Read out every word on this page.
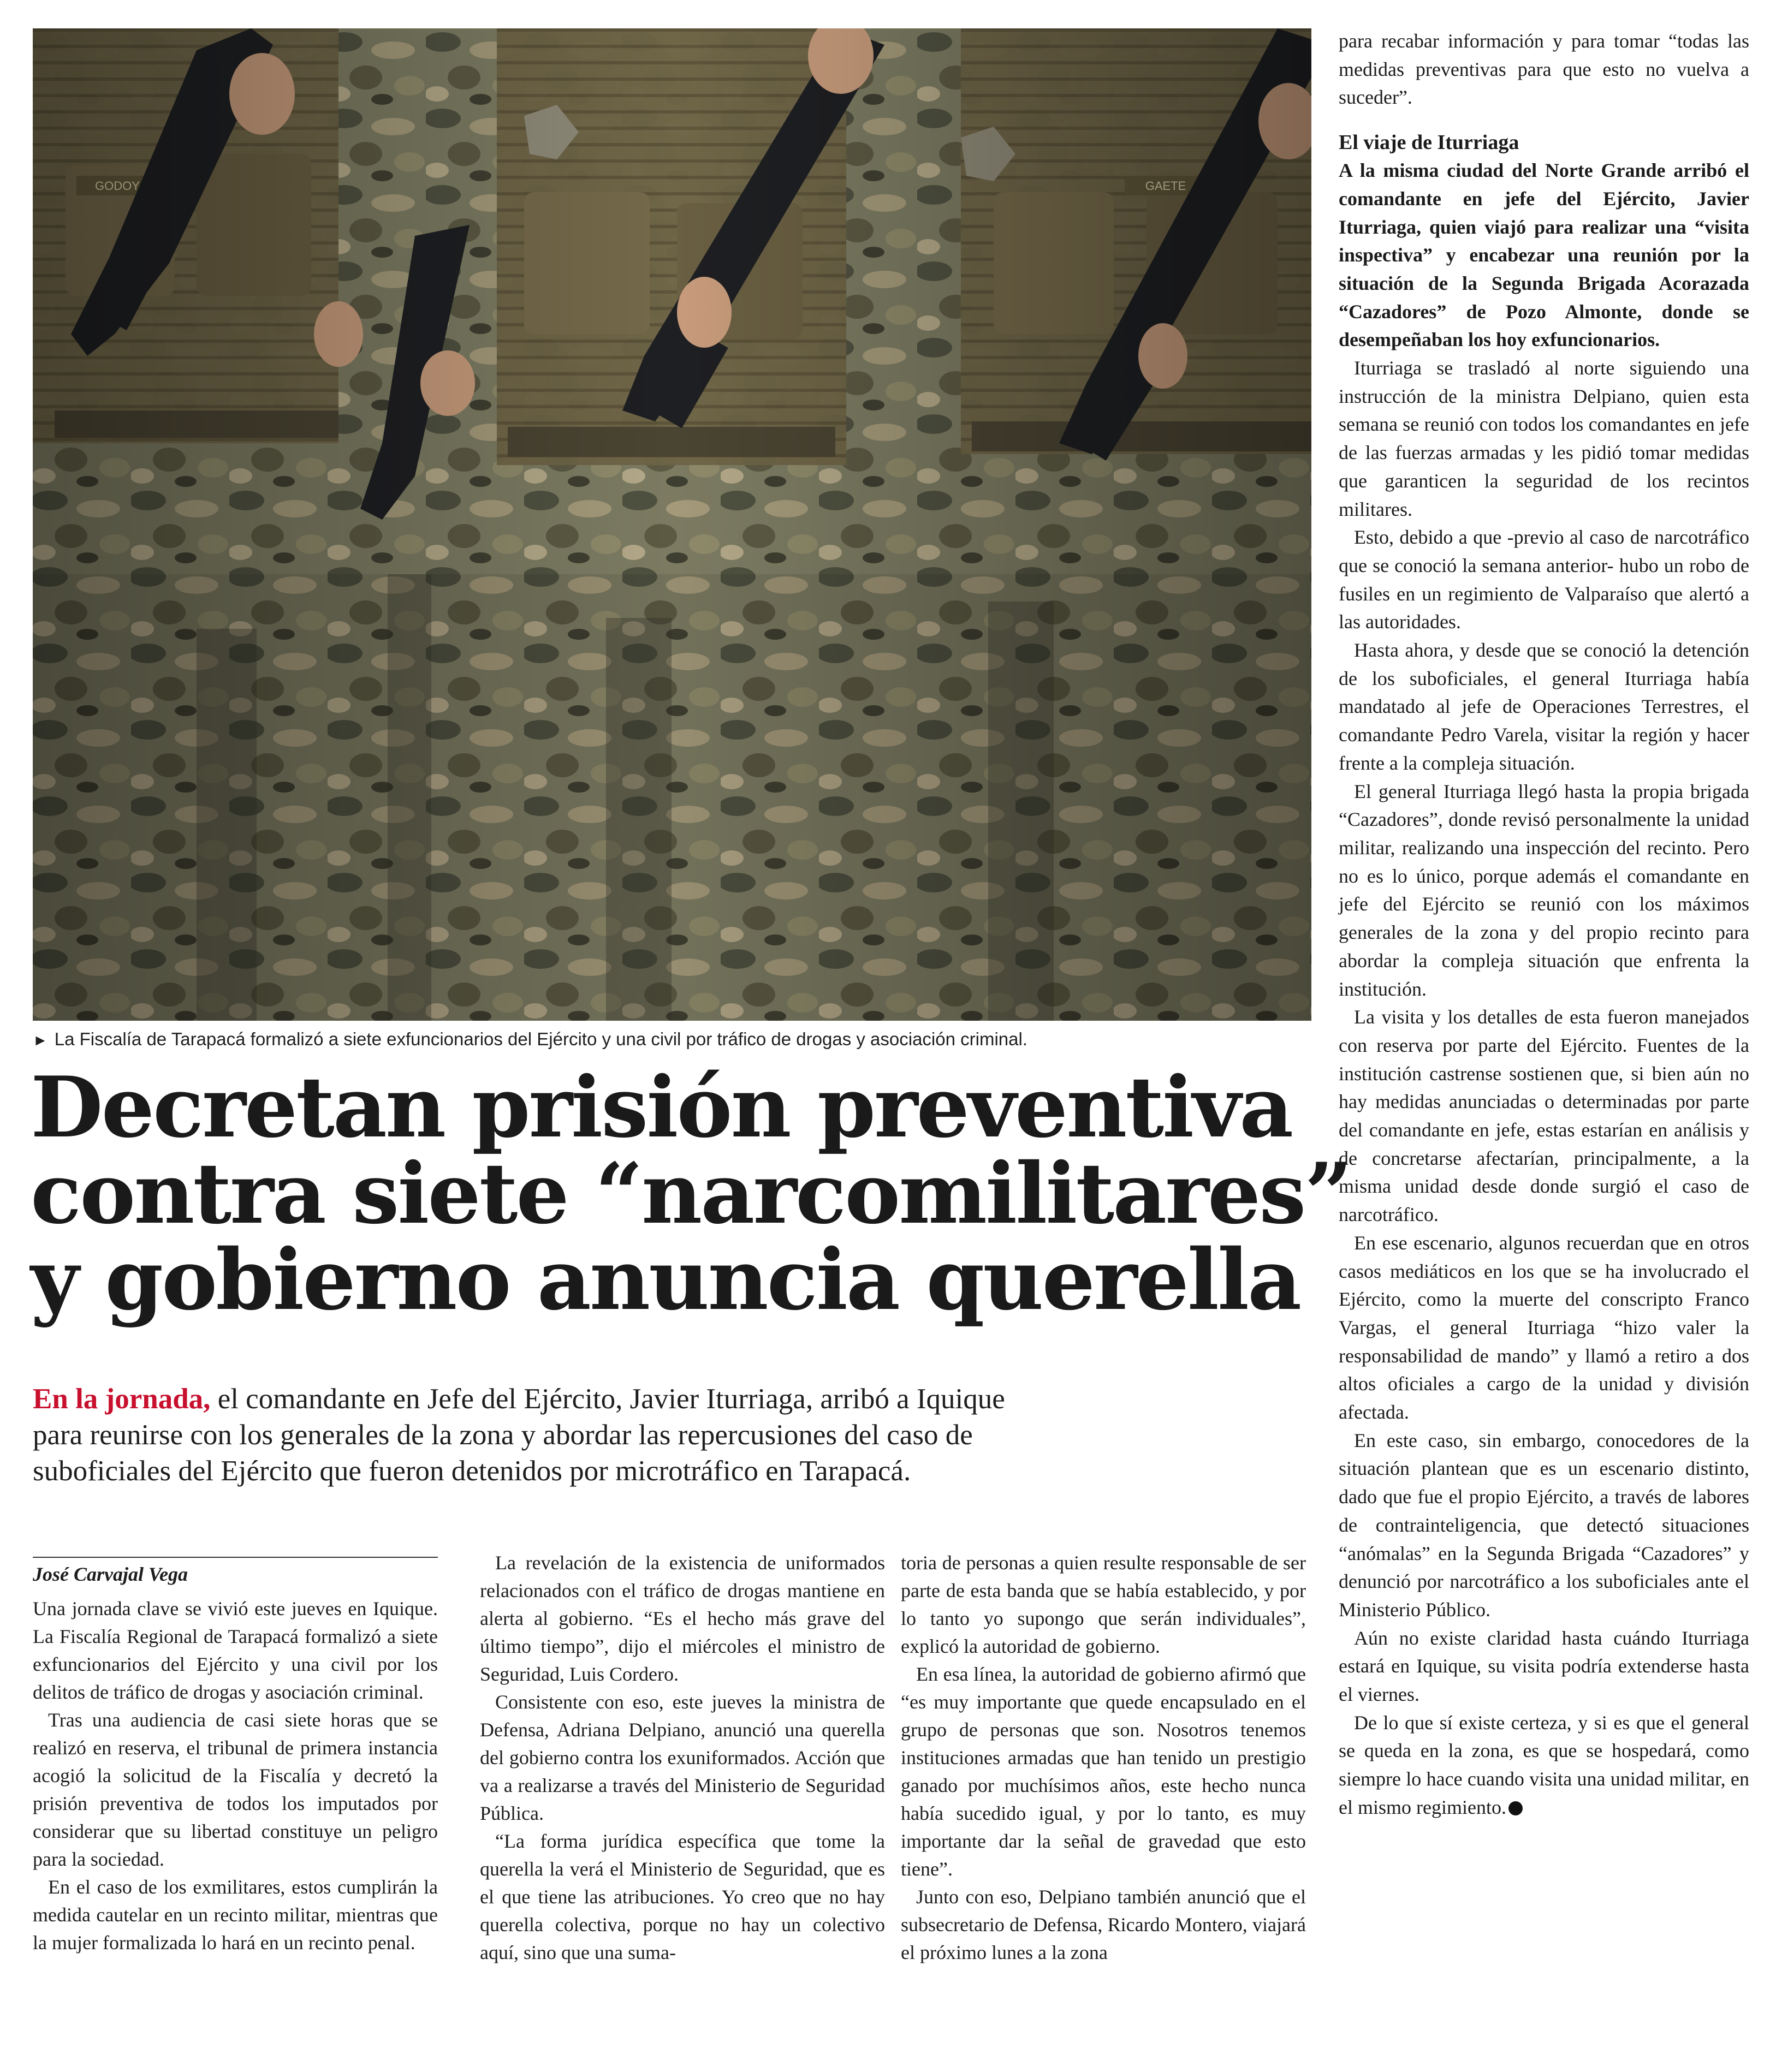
► La Fiscalía de Tarapacá formalizó a siete exfuncionarios del Ejército y una civil por tráfico de drogas y asociación criminal.
Decretan prisión preventiva
contra siete “narcomilitares”
y gobierno anuncia querella
En la jornada, el comandante en Jefe del Ejército, Javier Iturriaga, arribó a Iquique
para reunirse con los generales de la zona y abordar las repercusiones del caso de
suboficiales del Ejército que fueron detenidos por microtráfico en Tarapacá.
José Carvajal Vega

Una jornada clave se vivió este jueves en Iquique. La Fiscalía Regional de Tarapacá formalizó a siete exfuncionarios del Ejército y una civil por los delitos de tráfico de drogas y asociación criminal.

Tras una audiencia de casi siete horas que se realizó en reserva, el tribunal de primera instancia acogió la solicitud de la Fiscalía y decretó la prisión preventiva de todos los imputados por considerar que su libertad constituye un peligro para la sociedad.

En el caso de los exmilitares, estos cumplirán la medida cautelar en un recinto militar, mientras que la mujer formalizada lo hará en un recinto penal.

La revelación de la existencia de uniformados relacionados con el tráfico de drogas mantiene en alerta al gobierno. “Es el hecho más grave del último tiempo”, dijo el miércoles el ministro de Seguridad, Luis Cordero.

Consistente con eso, este jueves la ministra de Defensa, Adriana Delpiano, anunció una querella del gobierno contra los exuniformados. Acción que va a realizarse a través del Ministerio de Seguridad Pública.

“La forma jurídica específica que tome la querella la verá el Ministerio de Seguridad, que es el que tiene las atribuciones. Yo creo que no hay querella colectiva, porque no hay un colectivo aquí, sino que una suma-

toria de personas a quien resulte responsable de ser parte de esta banda que se había establecido, y por lo tanto yo supongo que serán individuales”, explicó la autoridad de gobierno.

En esa línea, la autoridad de gobierno afirmó que “es muy importante que quede encapsulado en el grupo de personas que son. Nosotros tenemos instituciones armadas que han tenido un prestigio ganado por muchísimos años, este hecho nunca había sucedido igual, y por lo tanto, es muy importante dar la señal de gravedad que esto tiene”.

Junto con eso, Delpiano también anunció que el subsecretario de Defensa, Ricardo Montero, viajará el próximo lunes a la zona

para recabar información y para tomar “todas las medidas preventivas para que esto no vuelva a suceder”.

El viaje de Iturriaga

A la misma ciudad del Norte Grande arribó el comandante en jefe del Ejército, Javier Iturriaga, quien viajó para realizar una “visita inspectiva” y encabezar una reunión por la situación de la Segunda Brigada Acorazada “Cazadores” de Pozo Almonte, donde se desempeñaban los hoy exfuncionarios.

Iturriaga se trasladó al norte siguiendo una instrucción de la ministra Delpiano, quien esta semana se reunió con todos los comandantes en jefe de las fuerzas armadas y les pidió tomar medidas que garanticen la seguridad de los recintos militares.

Esto, debido a que -previo al caso de narcotráfico que se conoció la semana anterior- hubo un robo de fusiles en un regimiento de Valparaíso que alertó a las autoridades.

Hasta ahora, y desde que se conoció la detención de los suboficiales, el general Iturriaga había mandatado al jefe de Operaciones Terrestres, el comandante Pedro Varela, visitar la región y hacer frente a la compleja situación.

El general Iturriaga llegó hasta la propia brigada “Cazadores”, donde revisó personalmente la unidad militar, realizando una inspección del recinto. Pero no es lo único, porque además el comandante en jefe del Ejército se reunió con los máximos generales de la zona y del propio recinto para abordar la compleja situación que enfrenta la institución.

La visita y los detalles de esta fueron manejados con reserva por parte del Ejército. Fuentes de la institución castrense sostienen que, si bien aún no hay medidas anunciadas o determinadas por parte del comandante en jefe, estas estarían en análisis y de concretarse afectarían, principalmente, a la misma unidad desde donde surgió el caso de narcotráfico.

En ese escenario, algunos recuerdan que en otros casos mediáticos en los que se ha involucrado el Ejército, como la muerte del conscripto Franco Vargas, el general Iturriaga “hizo valer la responsabilidad de mando” y llamó a retiro a dos altos oficiales a cargo de la unidad y división afectada.

En este caso, sin embargo, conocedores de la situación plantean que es un escenario distinto, dado que fue el propio Ejército, a través de labores de contrainteligencia, que detectó situaciones “anómalas” en la Segunda Brigada “Cazadores” y denunció por narcotráfico a los suboficiales ante el Ministerio Público.

Aún no existe claridad hasta cuándo Iturriaga estará en Iquique, su visita podría extenderse hasta el viernes.

De lo que sí existe certeza, y si es que el general se queda en la zona, es que se hospedará, como siempre lo hace cuando visita una unidad militar, en el mismo regimiento.
